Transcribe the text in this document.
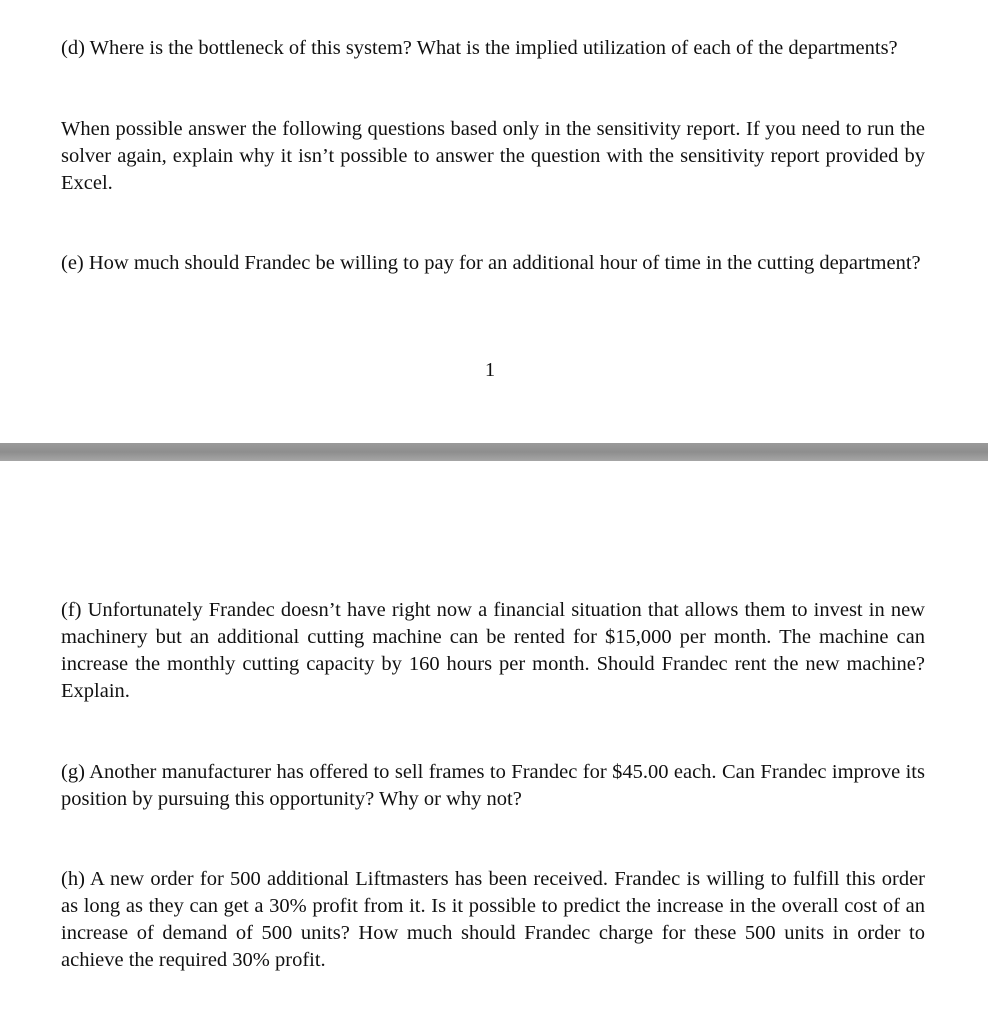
(d) Where is the bottleneck of this system? What is the implied utilization of each of the departments?

When possible answer the following questions based only in the sensitivity report. If you need to run the solver again, explain why it isn’t possible to answer the question with the sensitivity report provided by Excel.

(e) How much should Frandec be willing to pay for an additional hour of time in the cutting department?

1

(f) Unfortunately Frandec doesn’t have right now a financial situation that allows them to invest in new machinery but an additional cutting machine can be rented for $15,000 per month. The machine can increase the monthly cutting capacity by 160 hours per month. Should Frandec rent the new machine? Explain.

(g) Another manufacturer has offered to sell frames to Frandec for $45.00 each. Can Frandec improve its position by pursuing this opportunity? Why or why not?

(h) A new order for 500 additional Liftmasters has been received. Frandec is willing to fulfill this order as long as they can get a 30% profit from it. Is it possible to predict the increase in the overall cost of an increase of demand of 500 units? How much should Frandec charge for these 500 units in order to achieve the required 30% profit.
